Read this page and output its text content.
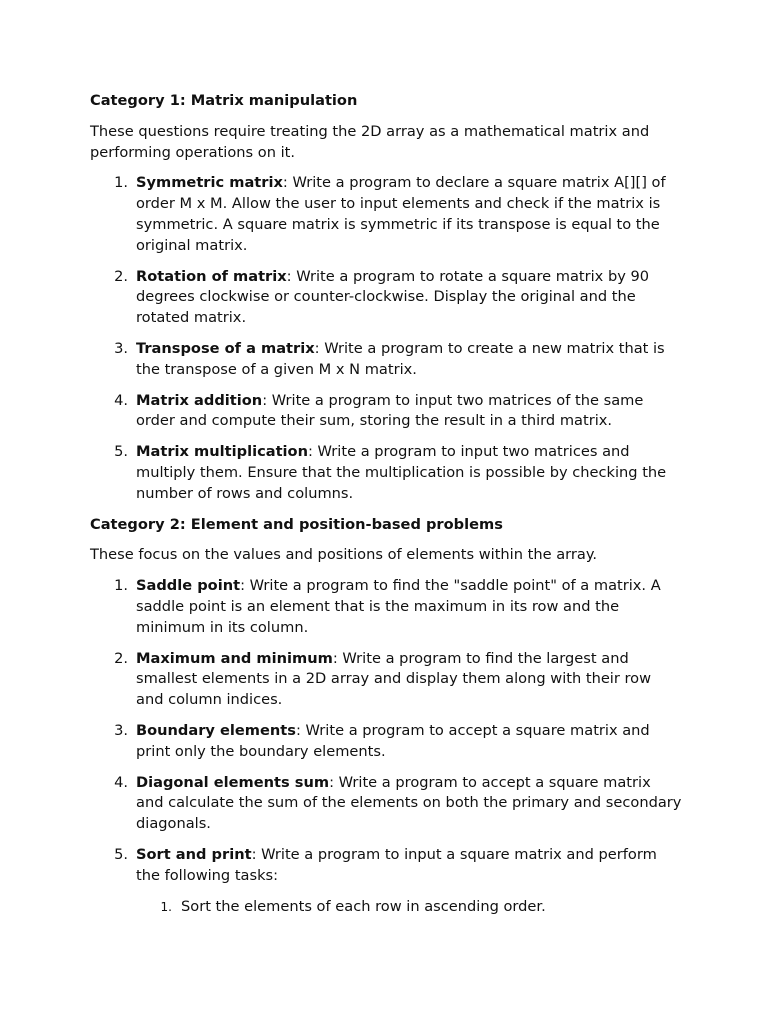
Category 1: Matrix manipulation
These questions require treating the 2D array as a mathematical matrix and performing operations on it.
1. Symmetric matrix: Write a program to declare a square matrix A[][] of order M x M. Allow the user to input elements and check if the matrix is symmetric. A square matrix is symmetric if its transpose is equal to the original matrix.
2. Rotation of matrix: Write a program to rotate a square matrix by 90 degrees clockwise or counter-clockwise. Display the original and the rotated matrix.
3. Transpose of a matrix: Write a program to create a new matrix that is the transpose of a given M x N matrix.
4. Matrix addition: Write a program to input two matrices of the same order and compute their sum, storing the result in a third matrix.
5. Matrix multiplication: Write a program to input two matrices and multiply them. Ensure that the multiplication is possible by checking the number of rows and columns.
Category 2: Element and position-based problems
These focus on the values and positions of elements within the array.
1. Saddle point: Write a program to find the "saddle point" of a matrix. A saddle point is an element that is the maximum in its row and the minimum in its column.
2. Maximum and minimum: Write a program to find the largest and smallest elements in a 2D array and display them along with their row and column indices.
3. Boundary elements: Write a program to accept a square matrix and print only the boundary elements.
4. Diagonal elements sum: Write a program to accept a square matrix and calculate the sum of the elements on both the primary and secondary diagonals.
5. Sort and print: Write a program to input a square matrix and perform the following tasks:
1. Sort the elements of each row in ascending order.
